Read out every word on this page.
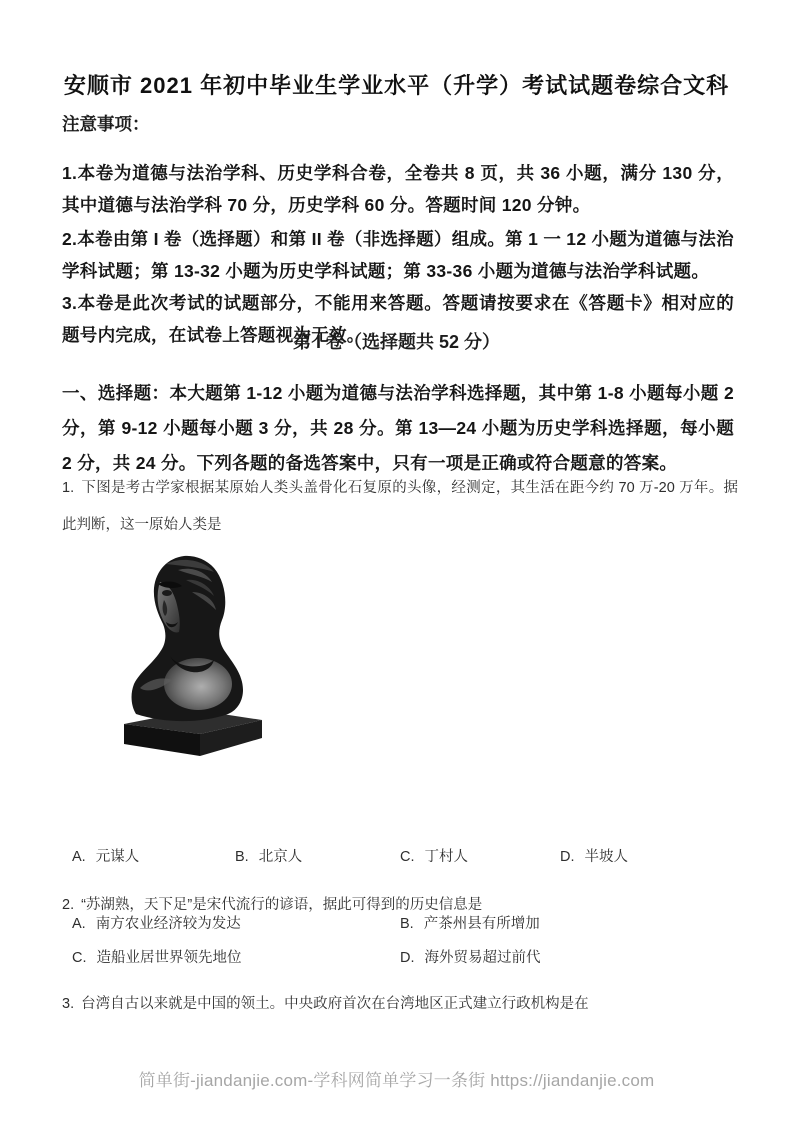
安顺市 2021 年初中毕业生学业水平（升学）考试试题卷综合文科
注意事项：

1.本卷为道德与法治学科、历史学科合卷，全卷共 8 页，共 36 小题，满分 130 分，其中道德与法治学科 70 分，历史学科 60 分。答题时间 120 分钟。

2.本卷由第 I 卷（选择题）和第 II 卷（非选择题）组成。第 1 一 12 小题为道德与法治学科试题；第 13-32 小题为历史学科试题；第 33-36 小题为道德与法治学科试题。

3.本卷是此次考试的试题部分，不能用来答题。答题请按要求在《答题卡》相对应的题号内完成，在试卷上答题视为无效。

第 I 卷（选择题共 52 分）

一、选择题：本大题第 1-12 小题为道德与法治学科选择题，其中第 1-8 小题每小题 2 分，第 9-12 小题每小题 3 分，共 28 分。第 13—24 小题为历史学科选择题，每小题 2 分，共 24 分。下列各题的备选答案中，只有一项是正确或符合题意的答案。

1. 下图是考古学家根据某原始人类头盖骨化石复原的头像，经测定，其生活在距今约 70 万-20 万年。据此判断，这一原始人类是

A. 元谋人	B. 北京人	C. 丁村人	D. 半坡人

2. “苏湖熟，天下足”是宋代流行的谚语，据此可得到的历史信息是

A. 南方农业经济较为发达	B. 产茶州县有所增加
C. 造船业居世界领先地位	D. 海外贸易超过前代

3. 台湾自古以来就是中国的领土。中央政府首次在台湾地区正式建立行政机构是在

简单街-jiandanjie.com-学科网简单学习一条街 https://jiandanjie.com
